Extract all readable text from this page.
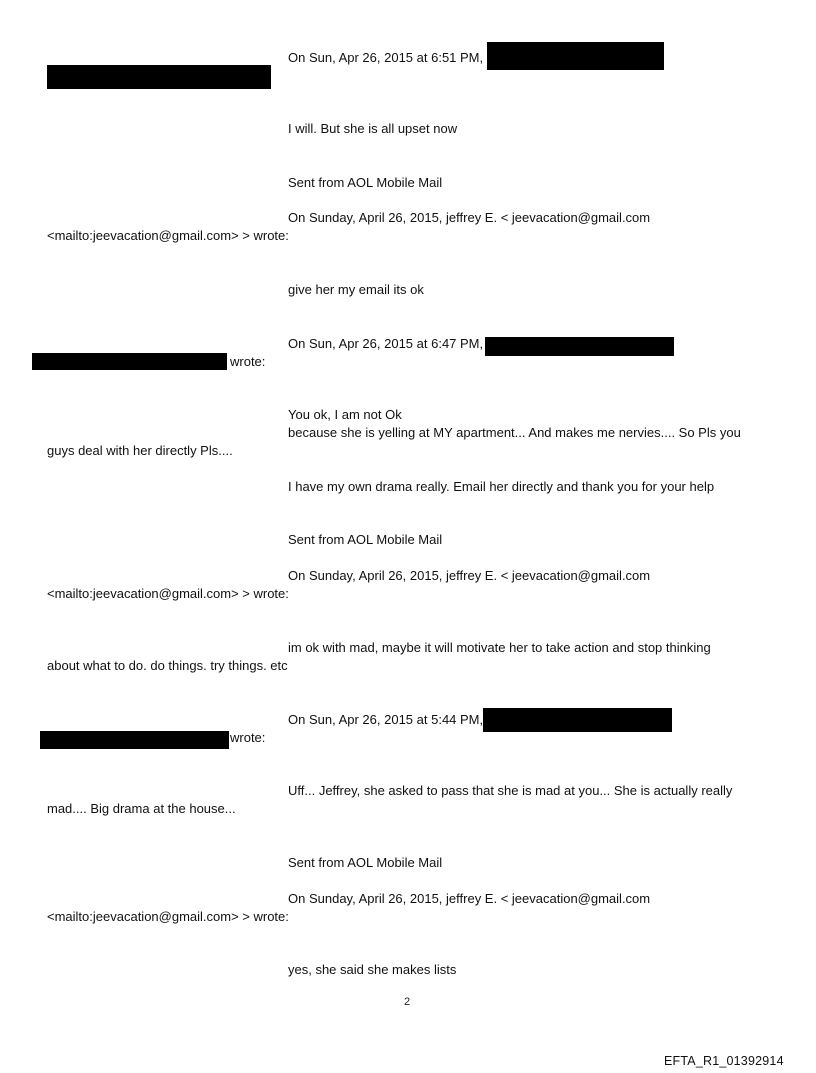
On Sun, Apr 26, 2015 at 6:51 PM,
I will. But she is all upset now
Sent from AOL Mobile Mail
On Sunday, April 26, 2015, jeffrey E. < jeevacation@gmail.com
<mailto:jeevacation@gmail.com> > wrote:
give her my email its ok
On Sun, Apr 26, 2015 at 6:47 PM,
wrote:
You ok, I am not Ok
because she is yelling at MY apartment... And makes me nervies.... So Pls you
guys deal with her directly Pls....
I have my own drama really. Email her directly and thank you for your help
Sent from AOL Mobile Mail
On Sunday, April 26, 2015, jeffrey E. < jeevacation@gmail.com
<mailto:jeevacation@gmail.com> > wrote:
im ok with mad, maybe it will motivate her to take action and stop thinking
about what to do. do things. try things. etc
On Sun, Apr 26, 2015 at 5:44 PM,
wrote:
Uff... Jeffrey, she asked to pass that she is mad at you... She is actually really
mad.... Big drama at the house...
Sent from AOL Mobile Mail
On Sunday, April 26, 2015, jeffrey E. < jeevacation@gmail.com
<mailto:jeevacation@gmail.com> > wrote:
yes, she said she makes lists
2
EFTA_R1_01392914
